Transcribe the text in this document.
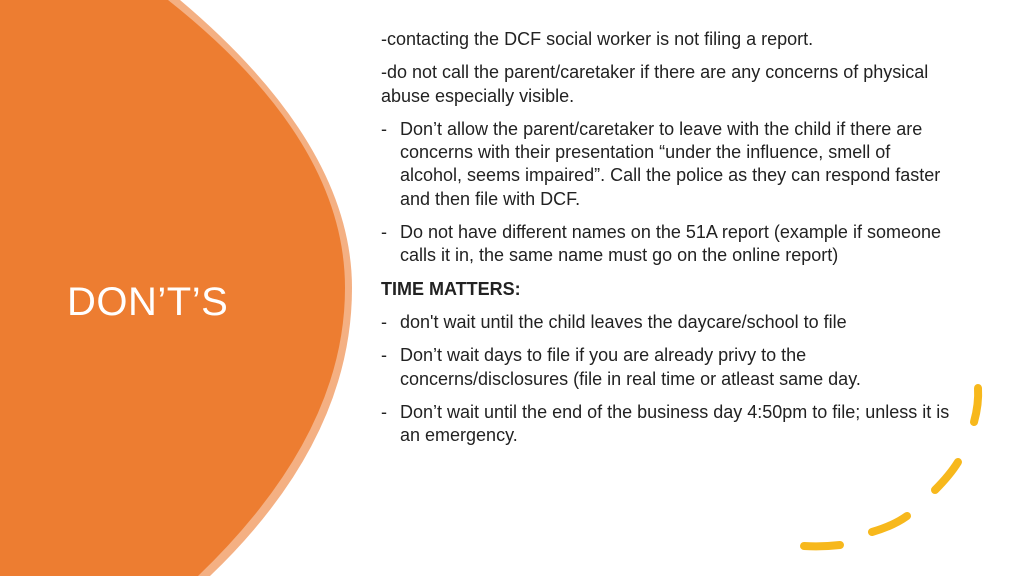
DON’T’S

-contacting the DCF social worker is not filing a report.

-do not call the parent/caretaker if there are any concerns of physical abuse especially visible.

- Don’t allow the parent/caretaker to leave with the child if there are concerns with their presentation “under the influence, smell of alcohol, seems impaired”. Call the police as they can respond faster and then file with DCF.
- Do not have different names on the 51A report (example if someone calls it in, the same name must go on the online report)

TIME MATTERS:

- don't wait until the child leaves the daycare/school to file
- Don’t wait days to file if you are already privy to the concerns/disclosures (file in real time or atleast same day.
- Don’t wait until the end of the business day 4:50pm to file; unless it is an emergency.
